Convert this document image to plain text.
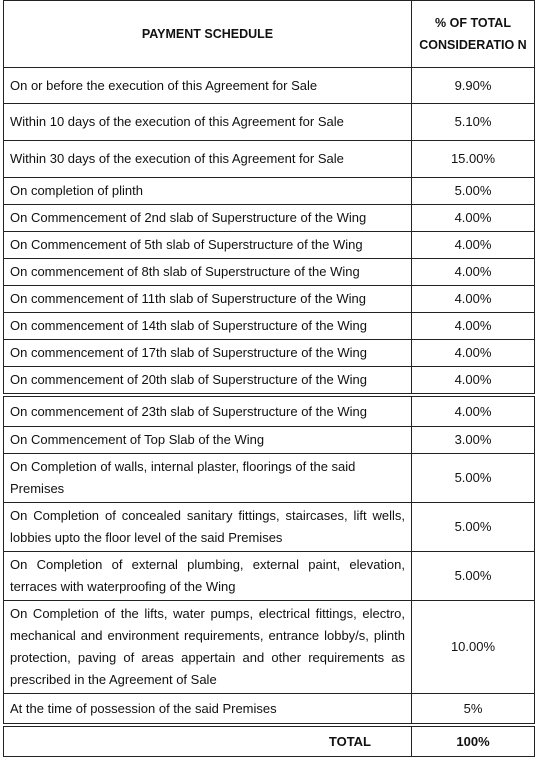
PAYMENT SCHEDULE	% OF TOTAL CONSIDERATIO N
On or before the execution of this Agreement for Sale	9.90%
Within 10 days of the execution of this Agreement for Sale	5.10%
Within 30 days of the execution of this Agreement for Sale	15.00%
On completion of plinth	5.00%
On Commencement of 2nd slab of Superstructure of the Wing	4.00%
On Commencement of 5th slab of Superstructure of the Wing	4.00%
On commencement of 8th slab of Superstructure of the Wing	4.00%
On commencement of 11th slab of Superstructure of the Wing	4.00%
On commencement of 14th slab of Superstructure of the Wing	4.00%
On commencement of 17th slab of Superstructure of the Wing	4.00%
On commencement of 20th slab of Superstructure of the Wing	4.00%

On commencement of 23th slab of Superstructure of the Wing	4.00%
On Commencement of Top Slab of the Wing	3.00%
On Completion of walls, internal plaster, floorings of the said Premises	5.00%
On Completion of concealed sanitary fittings, staircases, lift wells, lobbies upto the floor level of the said Premises	5.00%
On Completion of external plumbing, external paint, elevation, terraces with waterproofing of the Wing	5.00%
On Completion of the lifts, water pumps, electrical fittings, electro, mechanical and environment requirements, entrance lobby/s, plinth protection, paving of areas appertain and other requirements as prescribed in the Agreement of Sale	10.00%
At the time of possession of the said Premises	5%

TOTAL	100%
